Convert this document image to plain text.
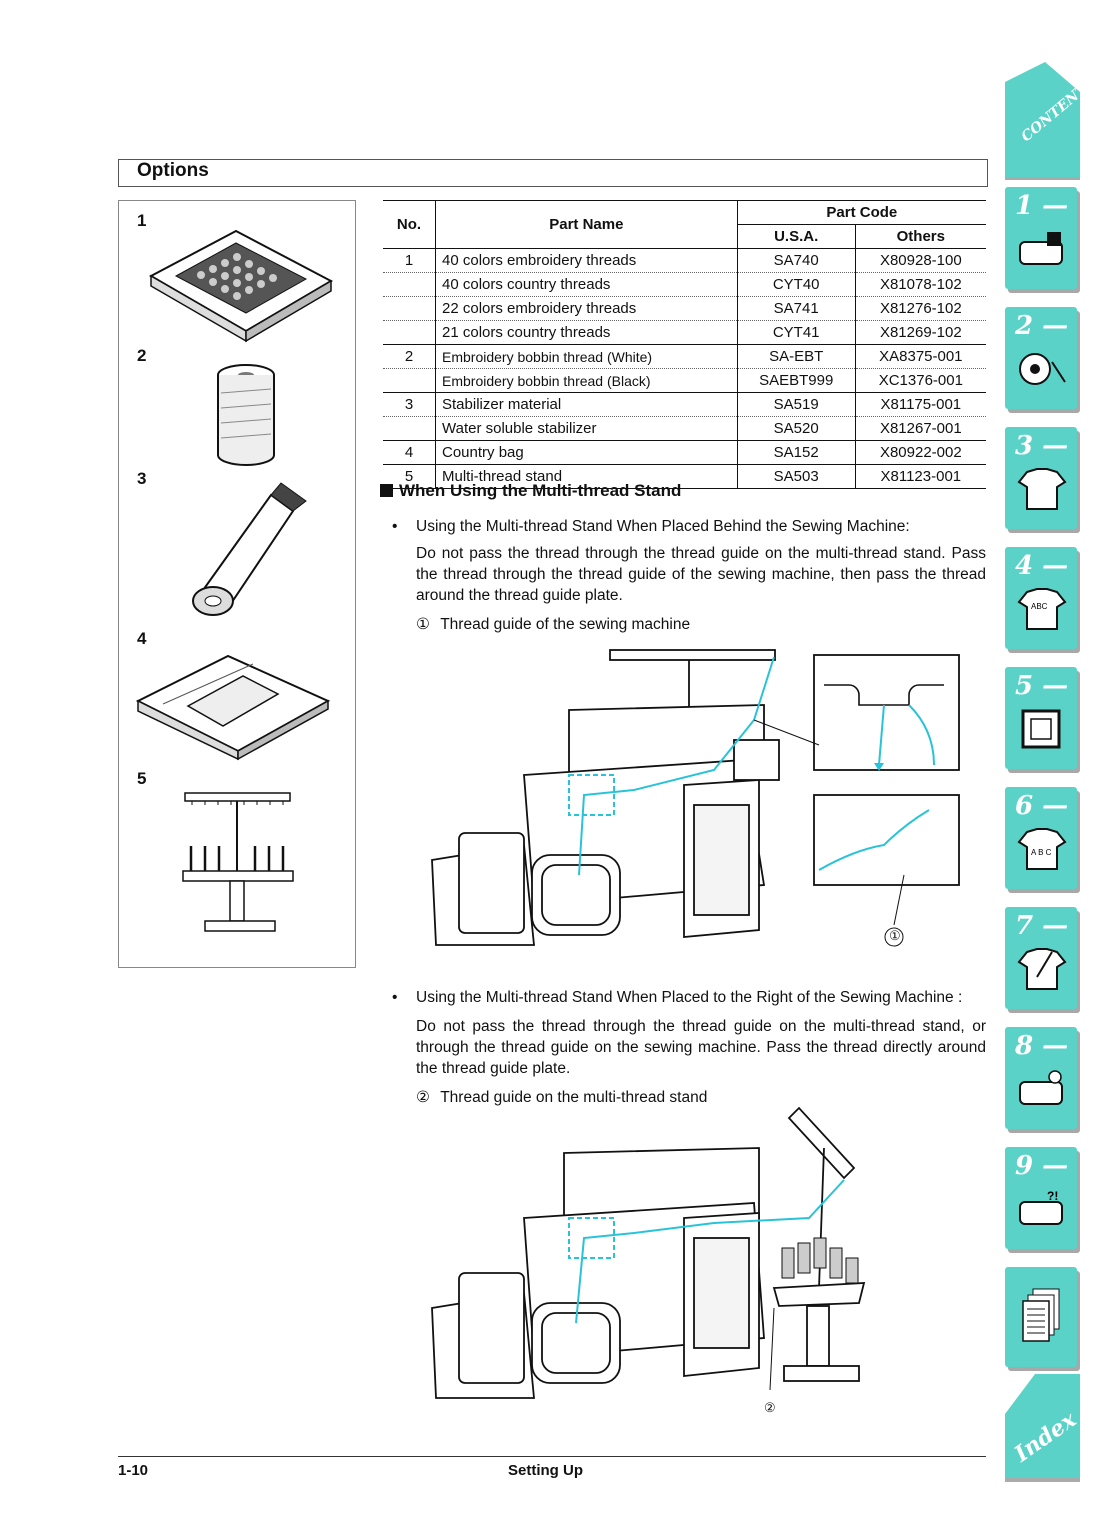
Options
1
2
3
4
5
No.	Part Name	Part Code	
		U.S.A.	Others
1	40 colors embroidery threads	SA740	X80928-100
	40 colors country threads	CYT40	X81078-102
	22 colors embroidery threads	SA741	X81276-102
	21 colors country threads	CYT41	X81269-102
2	Embroidery bobbin thread (White)	SA-EBT	XA8375-001
	Embroidery bobbin thread (Black)	SAEBT999	XC1376-001
3	Stabilizer material	SA519	X81175-001
	Water soluble stabilizer	SA520	X81267-001
4	Country bag	SA152	X80922-002
5	Multi-thread stand	SA503	X81123-001
When Using the Multi-thread Stand
• Using the Multi-thread Stand When Placed Behind the Sewing Machine:
Do not pass the thread through the thread guide on the multi-thread stand. Pass the thread through the thread guide of the sewing machine, then pass the thread around the thread guide plate.
① Thread guide of the sewing machine
①
• Using the Multi-thread Stand When Placed to the Right of the Sewing Machine :
Do not pass the thread through the thread guide on the multi-thread stand, or through the thread guide on the sewing machine. Pass the thread directly around the thread guide plate.
② Thread guide on the multi-thread stand
②
CONTENTS
1 —
2 —
3 —
4 —
ABC
5 —
6 —
A B C
7 —
8 —
9 —
?!
Index
1-10	Setting Up
